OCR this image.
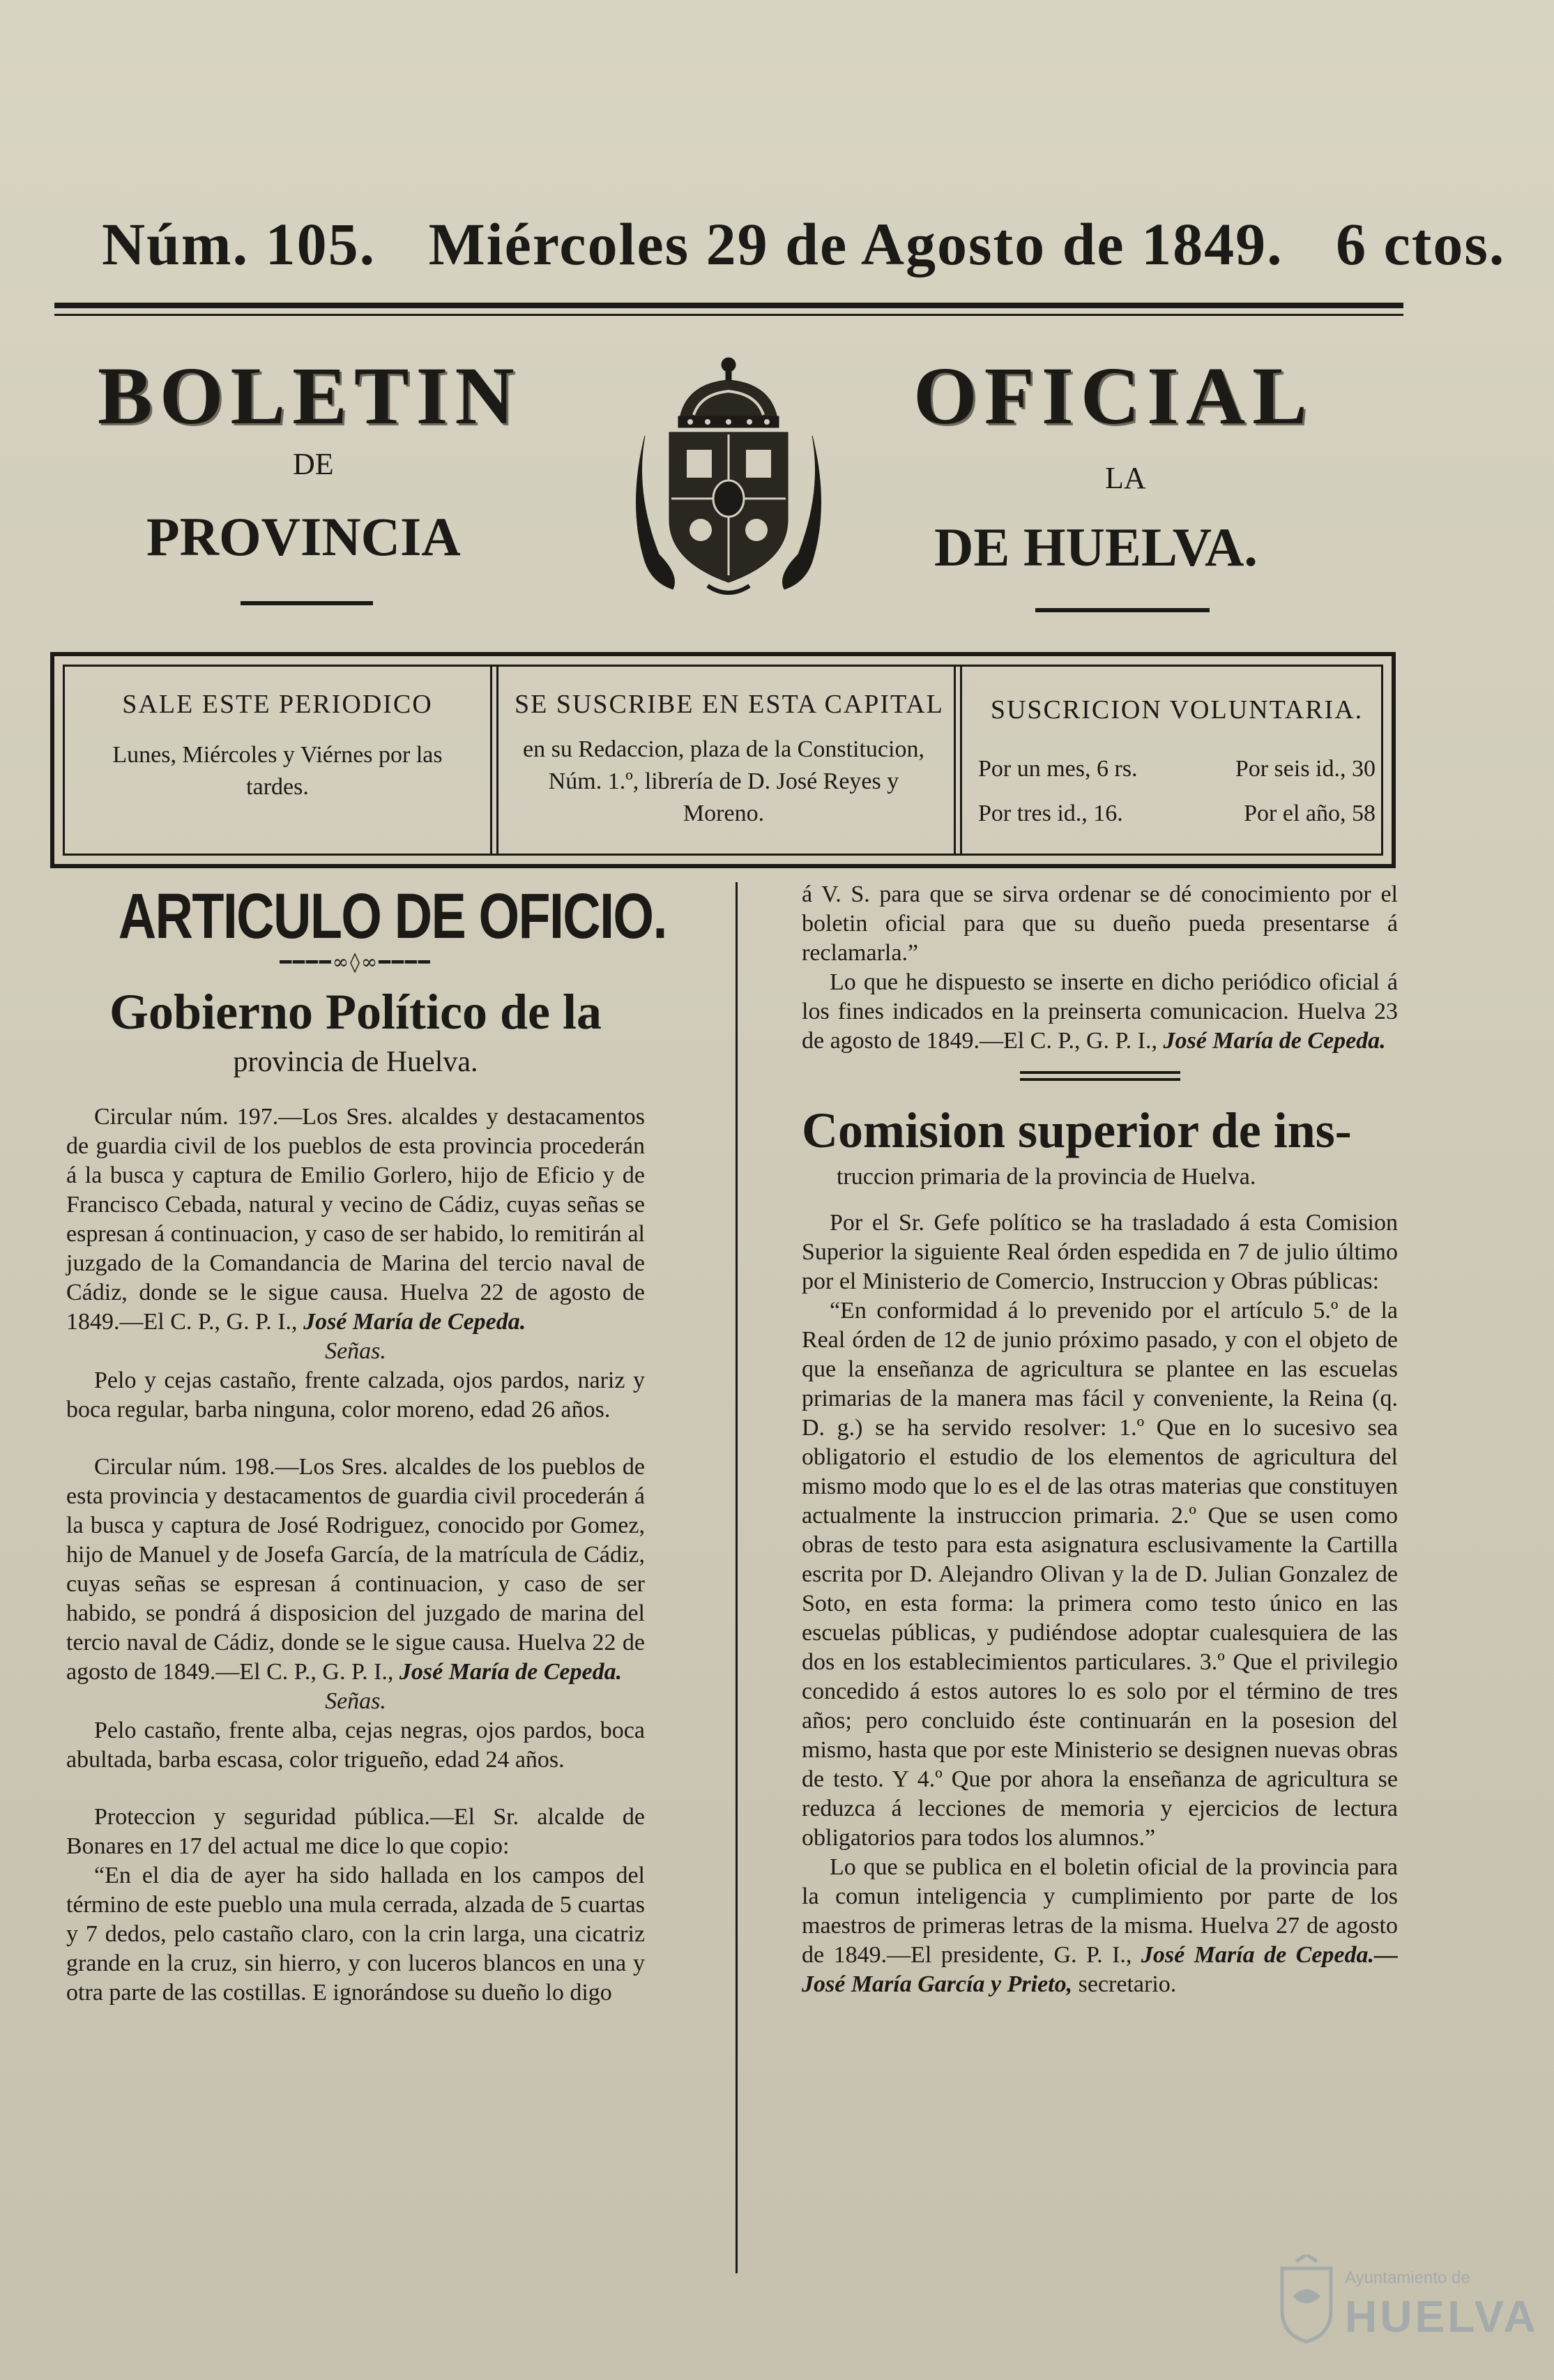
Núm. 105. Miércoles 29 de Agosto de 1849. 6 ctos.
BOLETIN	OFICIAL
DE	LA
PROVINCIA	DE HUELVA.
SALE ESTE PERIODICO
Lunes, Miércoles y Viérnes por las tardes.
SE SUSCRIBE EN ESTA CAPITAL
en su Redaccion, plaza de la Constitucion, Núm. 1.º, librería de D. José Reyes y Moreno.
SUSCRICION VOLUNTARIA.
Por un mes, 6 rs.	Por seis id., 30
Por tres id., 16.	Por el año, 58
ARTICULO DE OFICIO.
━━━━∞◊∞━━━━
Gobierno Político de la
provincia de Huelva.

Circular núm. 197.—Los Sres. alcaldes y destacamentos de guardia civil de los pueblos de esta provincia procederán á la busca y captura de Emilio Gorlero, hijo de Eficio y de Francisco Cebada, natural y vecino de Cádiz, cuyas señas se espresan á continuacion, y caso de ser habido, lo remitirán al juzgado de la Comandancia de Marina del tercio naval de Cádiz, donde se le sigue causa. Huelva 22 de agosto de 1849.—El C. P., G. P. I., José María de Cepeda.

Señas.

Pelo y cejas castaño, frente calzada, ojos pardos, nariz y boca regular, barba ninguna, color moreno, edad 26 años.

Circular núm. 198.—Los Sres. alcaldes de los pueblos de esta provincia y destacamentos de guardia civil procederán á la busca y captura de José Rodriguez, conocido por Gomez, hijo de Manuel y de Josefa García, de la matrícula de Cádiz, cuyas señas se espresan á continuacion, y caso de ser habido, se pondrá á disposicion del juzgado de marina del tercio naval de Cádiz, donde se le sigue causa. Huelva 22 de agosto de 1849.—El C. P., G. P. I., José María de Cepeda.

Señas.

Pelo castaño, frente alba, cejas negras, ojos pardos, boca abultada, barba escasa, color trigueño, edad 24 años.

Proteccion y seguridad pública.—El Sr. alcalde de Bonares en 17 del actual me dice lo que copio:

“En el dia de ayer ha sido hallada en los campos del término de este pueblo una mula cerrada, alzada de 5 cuartas y 7 dedos, pelo castaño claro, con la crin larga, una cicatriz grande en la cruz, sin hierro, y con luceros blancos en una y otra parte de las costillas. E ignorándose su dueño lo digo

á V. S. para que se sirva ordenar se dé conocimiento por el boletin oficial para que su dueño pueda presentarse á reclamarla.”

Lo que he dispuesto se inserte en dicho periódico oficial á los fines indicados en la preinserta comunicacion. Huelva 23 de agosto de 1849.—El C. P., G. P. I., José María de Cepeda.

Comision superior de ins-
truccion primaria de la provincia de Huelva.

Por el Sr. Gefe político se ha trasladado á esta Comision Superior la siguiente Real órden espedida en 7 de julio último por el Ministerio de Comercio, Instruccion y Obras públicas:

“En conformidad á lo prevenido por el artículo 5.º de la Real órden de 12 de junio próximo pasado, y con el objeto de que la enseñanza de agricultura se plantee en las escuelas primarias de la manera mas fácil y conveniente, la Reina (q. D. g.) se ha servido resolver: 1.º Que en lo sucesivo sea obligatorio el estudio de los elementos de agricultura del mismo modo que lo es el de las otras materias que constituyen actualmente la instruccion primaria. 2.º Que se usen como obras de testo para esta asignatura esclusivamente la Cartilla escrita por D. Alejandro Olivan y la de D. Julian Gonzalez de Soto, en esta forma: la primera como testo único en las escuelas públicas, y pudiéndose adoptar cualesquiera de las dos en los establecimientos particulares. 3.º Que el privilegio concedido á estos autores lo es solo por el término de tres años; pero concluido éste continuarán en la posesion del mismo, hasta que por este Ministerio se designen nuevas obras de testo. Y 4.º Que por ahora la enseñanza de agricultura se reduzca á lecciones de memoria y ejercicios de lectura obligatorios para todos los alumnos.”

Lo que se publica en el boletin oficial de la provincia para la comun inteligencia y cumplimiento por parte de los maestros de primeras letras de la misma. Huelva 27 de agosto de 1849.—El presidente, G. P. I., José María de Cepeda.—José María García y Prieto, secretario.

Ayuntamiento de
HUELVA
